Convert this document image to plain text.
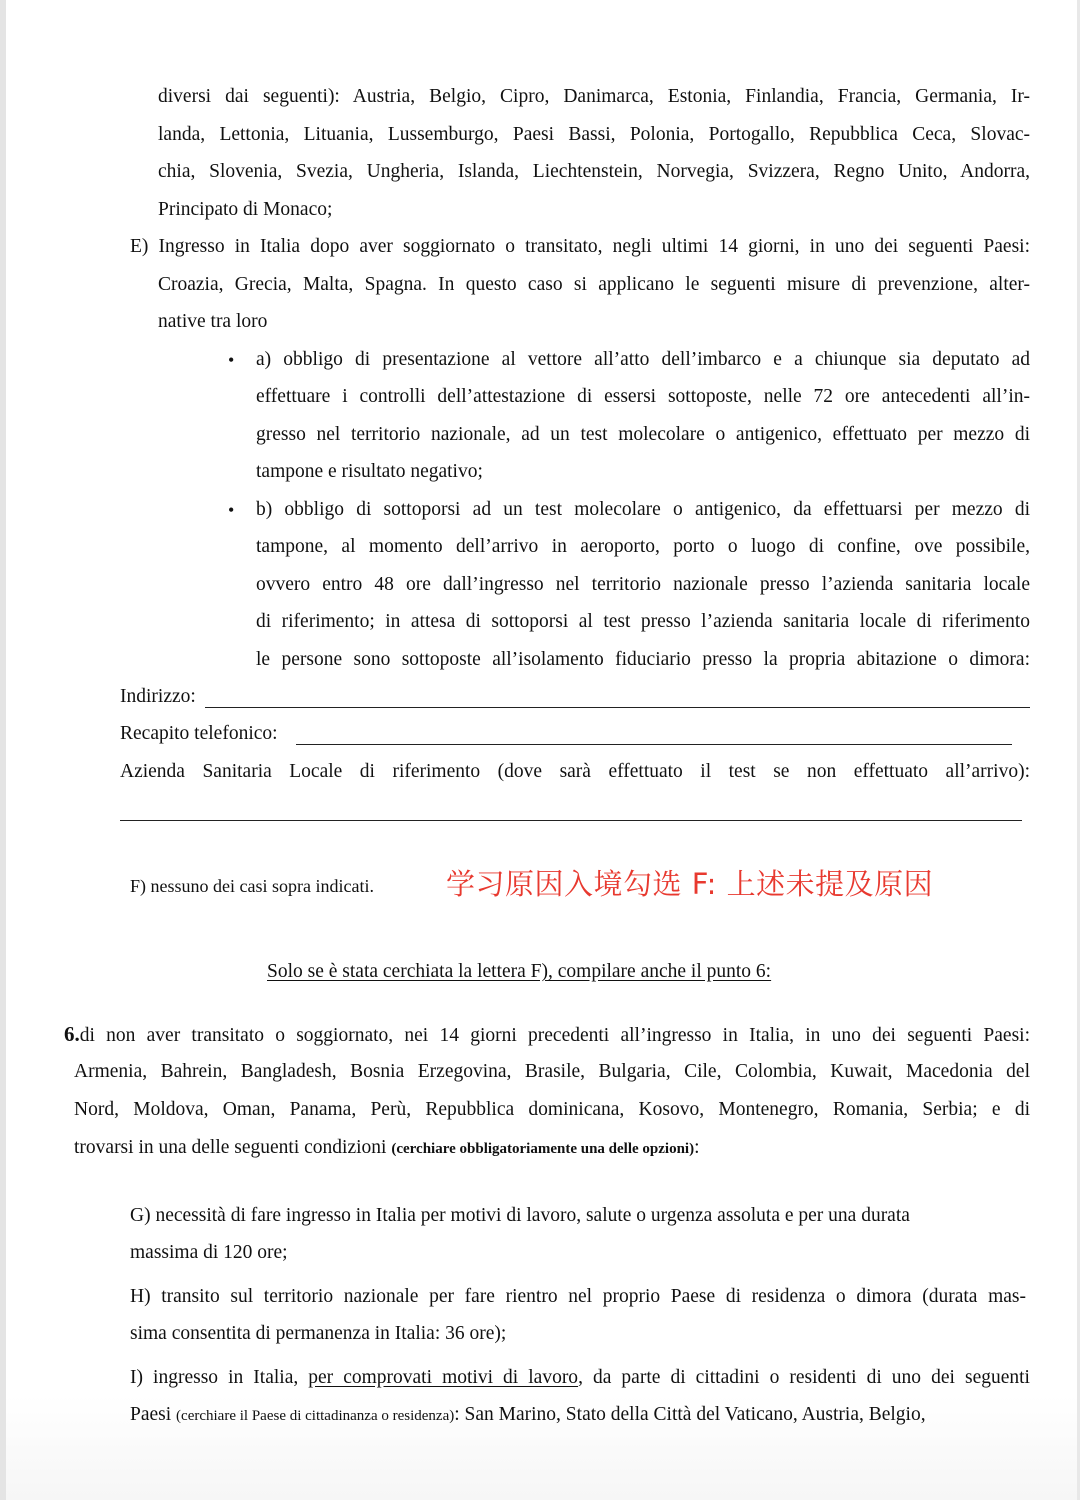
diversi dai seguenti): Austria, Belgio, Cipro, Danimarca, Estonia, Finlandia, Francia, Germania, Ir-
landa, Lettonia, Lituania, Lussemburgo, Paesi Bassi, Polonia, Portogallo, Repubblica Ceca, Slovac-
chia, Slovenia, Svezia, Ungheria, Islanda, Liechtenstein, Norvegia, Svizzera, Regno Unito, Andorra,
Principato di Monaco;
E) Ingresso in Italia dopo aver soggiornato o transitato, negli ultimi 14 giorni, in uno dei seguenti Paesi:
Croazia, Grecia, Malta, Spagna. In questo caso si applicano le seguenti misure di prevenzione, alter-
native tra loro
• a) obbligo di presentazione al vettore all’atto dell’imbarco e a chiunque sia deputato ad
effettuare i controlli dell’attestazione di essersi sottoposte, nelle 72 ore antecedenti all’in-
gresso nel territorio nazionale, ad un test molecolare o antigenico, effettuato per mezzo di
tampone e risultato negativo;
• b) obbligo di sottoporsi ad un test molecolare o antigenico, da effettuarsi per mezzo di
tampone, al momento dell’arrivo in aeroporto, porto o luogo di confine, ove possibile,
ovvero entro 48 ore dall’ingresso nel territorio nazionale presso l’azienda sanitaria locale
di riferimento; in attesa di sottoporsi al test presso l’azienda sanitaria locale di riferimento
le persone sono sottoposte all’isolamento fiduciario presso la propria abitazione o dimora:
Indirizzo:
Recapito telefonico:
Azienda Sanitaria Locale di riferimento (dove sarà effettuato il test se non effettuato all’arrivo):
F) nessuno dei casi sopra indicati. 学习原因入境勾选 F: 上述未提及原因
Solo se è stata cerchiata la lettera F), compilare anche il punto 6:
6.di non aver transitato o soggiornato, nei 14 giorni precedenti all’ingresso in Italia, in uno dei seguenti Paesi:
Armenia, Bahrein, Bangladesh, Bosnia Erzegovina, Brasile, Bulgaria, Cile, Colombia, Kuwait, Macedonia del
Nord, Moldova, Oman, Panama, Perù, Repubblica dominicana, Kosovo, Montenegro, Romania, Serbia; e di
trovarsi in una delle seguenti condizioni (cerchiare obbligatoriamente una delle opzioni):
G) necessità di fare ingresso in Italia per motivi di lavoro, salute o urgenza assoluta e per una durata
massima di 120 ore;
H) transito sul territorio nazionale per fare rientro nel proprio Paese di residenza o dimora (durata mas-
sima consentita di permanenza in Italia: 36 ore);
I) ingresso in Italia, per comprovati motivi di lavoro, da parte di cittadini o residenti di uno dei seguenti
Paesi (cerchiare il Paese di cittadinanza o residenza): San Marino, Stato della Città del Vaticano, Austria, Belgio,
